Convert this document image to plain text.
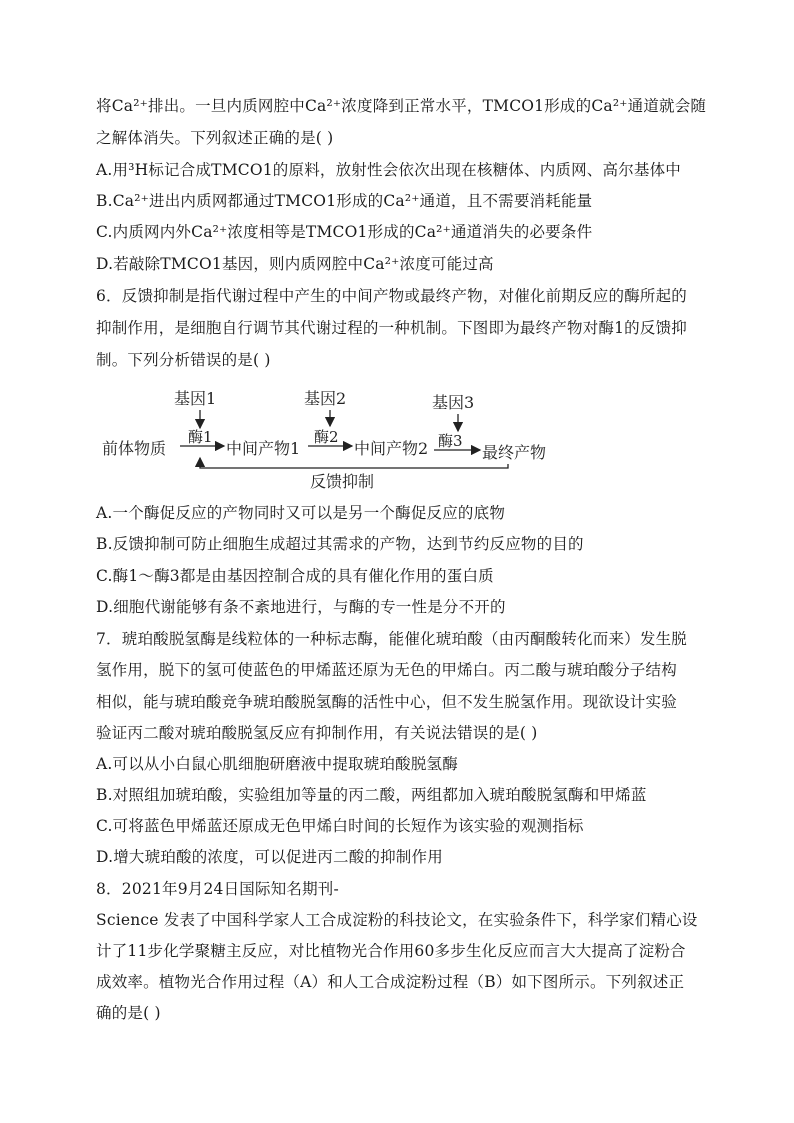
将Ca²⁺排出。一旦内质网腔中Ca²⁺浓度降到正常水平，TMCO1形成的Ca²⁺通道就会随
之解体消失。下列叙述正确的是( )
A.用³H标记合成TMCO1的原料，放射性会依次出现在核糖体、内质网、高尔基体中
B.Ca²⁺进出内质网都通过TMCO1形成的Ca²⁺通道，且不需要消耗能量
C.内质网内外Ca²⁺浓度相等是TMCO1形成的Ca²⁺通道消失的必要条件
D.若敲除TMCO1基因，则内质网腔中Ca²⁺浓度可能过高
6．反馈抑制是指代谢过程中产生的中间产物或最终产物，对催化前期反应的酶所起的
抑制作用，是细胞自行调节其代谢过程的一种机制。下图即为最终产物对酶1的反馈抑
制。下列分析错误的是( )
基因1	基因2	基因3
前体物质
酶1
中间产物1
酶2
中间产物2 酶3
最终产物
反馈抑制
A.一个酶促反应的产物同时又可以是另一个酶促反应的底物
B.反馈抑制可防止细胞生成超过其需求的产物，达到节约反应物的目的
C.酶1～酶3都是由基因控制合成的具有催化作用的蛋白质
D.细胞代谢能够有条不紊地进行，与酶的专一性是分不开的
7．琥珀酸脱氢酶是线粒体的一种标志酶，能催化琥珀酸（由丙酮酸转化而来）发生脱
氢作用，脱下的氢可使蓝色的甲烯蓝还原为无色的甲烯白。丙二酸与琥珀酸分子结构
相似，能与琥珀酸竞争琥珀酸脱氢酶的活性中心，但不发生脱氢作用。现欲设计实验
验证丙二酸对琥珀酸脱氢反应有抑制作用，有关说法错误的是( )
A.可以从小白鼠心肌细胞研磨液中提取琥珀酸脱氢酶
B.对照组加琥珀酸，实验组加等量的丙二酸，两组都加入琥珀酸脱氢酶和甲烯蓝
C.可将蓝色甲烯蓝还原成无色甲烯白时间的长短作为该实验的观测指标
D.增大琥珀酸的浓度，可以促进丙二酸的抑制作用
8．2021年9月24日国际知名期刊-
Science 发表了中国科学家人工合成淀粉的科技论文，在实验条件下，科学家们精心设
计了11步化学聚糖主反应，对比植物光合作用60多步生化反应而言大大提高了淀粉合
成效率。植物光合作用过程（A）和人工合成淀粉过程（B）如下图所示。下列叙述正
确的是( )
